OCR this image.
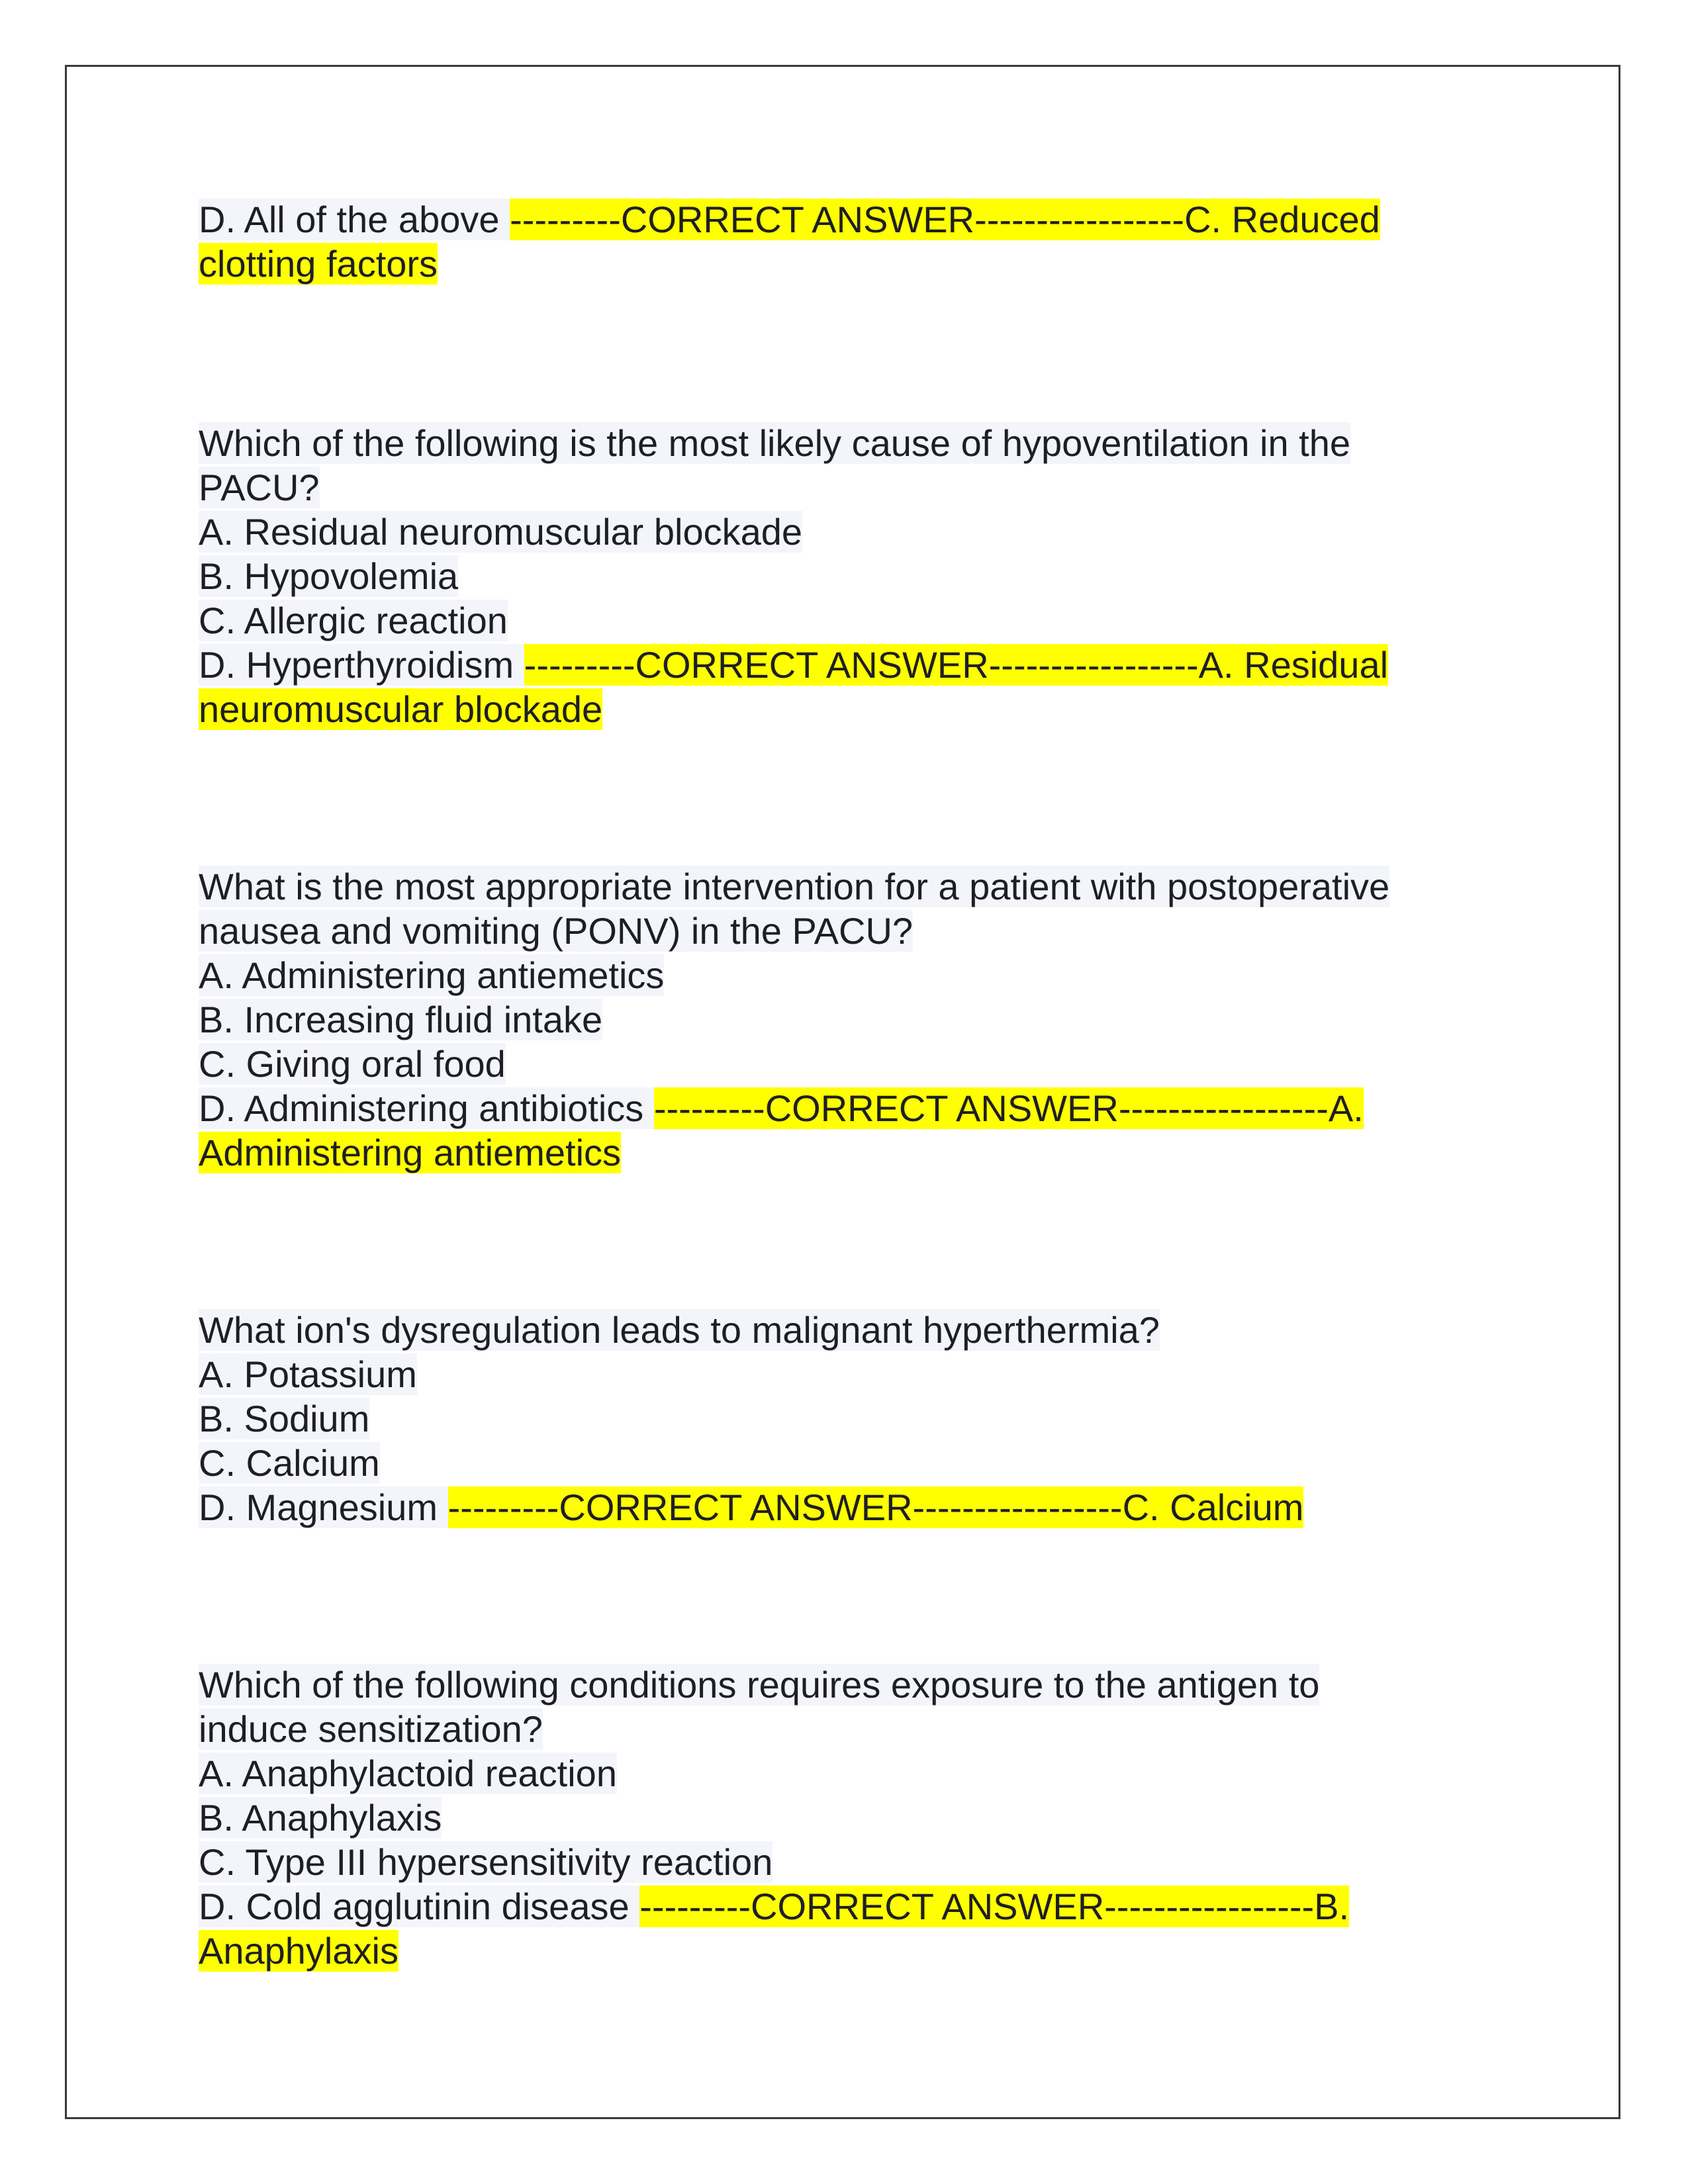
D. All of the above ---------CORRECT ANSWER-----------------C. Reduced
clotting factors
Which of the following is the most likely cause of hypoventilation in the
PACU?
A. Residual neuromuscular blockade
B. Hypovolemia
C. Allergic reaction
D. Hyperthyroidism ---------CORRECT ANSWER-----------------A. Residual
neuromuscular blockade
What is the most appropriate intervention for a patient with postoperative
nausea and vomiting (PONV) in the PACU?
A. Administering antiemetics
B. Increasing fluid intake
C. Giving oral food
D. Administering antibiotics ---------CORRECT ANSWER-----------------A.
Administering antiemetics
What ion's dysregulation leads to malignant hyperthermia?
A. Potassium
B. Sodium
C. Calcium
D. Magnesium ---------CORRECT ANSWER-----------------C. Calcium
Which of the following conditions requires exposure to the antigen to
induce sensitization?
A. Anaphylactoid reaction
B. Anaphylaxis
C. Type III hypersensitivity reaction
D. Cold agglutinin disease ---------CORRECT ANSWER-----------------B.
Anaphylaxis
